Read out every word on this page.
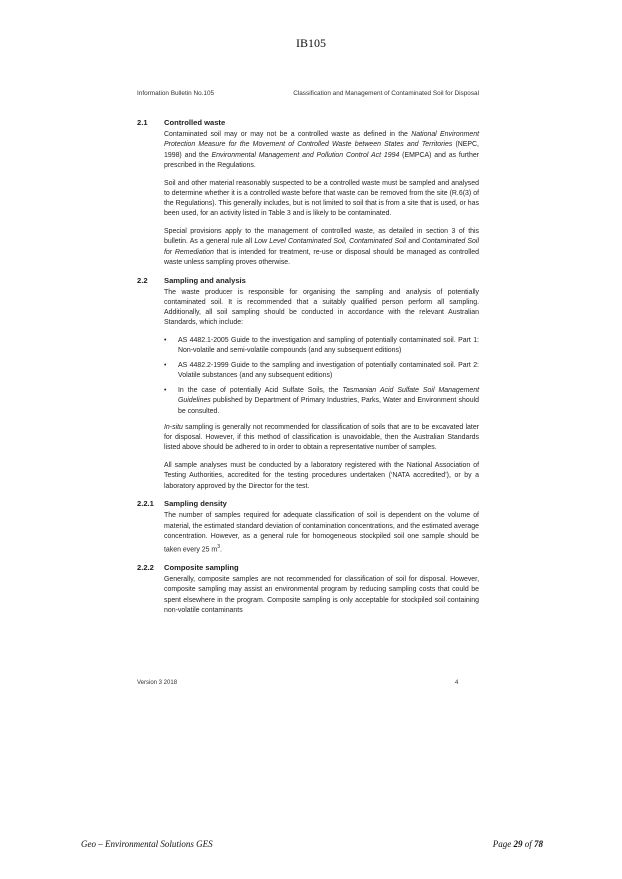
IB105
Information Bulletin No.105	Classification and Management of Contaminated Soil for Disposal
2.1 Controlled waste

Contaminated soil may or may not be a controlled waste as defined in the National Environment Protection Measure for the Movement of Controlled Waste between States and Territories (NEPC, 1998) and the Environmental Management and Pollution Control Act 1994 (EMPCA) and as further prescribed in the Regulations.

Soil and other material reasonably suspected to be a controlled waste must be sampled and analysed to determine whether it is a controlled waste before that waste can be removed from the site (R.6(3) of the Regulations). This generally includes, but is not limited to soil that is from a site that is used, or has been used, for an activity listed in Table 3 and is likely to be contaminated.

Special provisions apply to the management of controlled waste, as detailed in section 3 of this bulletin. As a general rule all Low Level Contaminated Soil, Contaminated Soil and Contaminated Soil for Remediation that is intended for treatment, re-use or disposal should be managed as controlled waste unless sampling proves otherwise.

2.2 Sampling and analysis

The waste producer is responsible for organising the sampling and analysis of potentially contaminated soil. It is recommended that a suitably qualified person perform all sampling. Additionally, all soil sampling should be conducted in accordance with the relevant Australian Standards, which include:

• AS 4482.1-2005 Guide to the investigation and sampling of potentially contaminated soil. Part 1: Non-volatile and semi-volatile compounds (and any subsequent editions)
• AS 4482.2-1999 Guide to the sampling and investigation of potentially contaminated soil. Part 2: Volatile substances (and any subsequent editions)
• In the case of potentially Acid Sulfate Soils, the Tasmanian Acid Sulfate Soil Management Guidelines published by Department of Primary Industries, Parks, Water and Environment should be consulted.

In-situ sampling is generally not recommended for classification of soils that are to be excavated later for disposal. However, if this method of classification is unavoidable, then the Australian Standards listed above should be adhered to in order to obtain a representative number of samples.

All sample analyses must be conducted by a laboratory registered with the National Association of Testing Authorities, accredited for the testing procedures undertaken (‘NATA accredited’), or by a laboratory approved by the Director for the test.

2.2.1 Sampling density

The number of samples required for adequate classification of soil is dependent on the volume of material, the estimated standard deviation of contamination concentrations, and the estimated average concentration. However, as a general rule for homogeneous stockpiled soil one sample should be taken every 25 $m^3$.

2.2.2 Composite sampling

Generally, composite samples are not recommended for classification of soil for disposal. However, composite sampling may assist an environmental program by reducing sampling costs that could be spent elsewhere in the program. Composite sampling is only acceptable for stockpiled soil containing non-volatile contaminants

Version 3 2018	4
Geo – Environmental Solutions GES	Page 29 of 78
